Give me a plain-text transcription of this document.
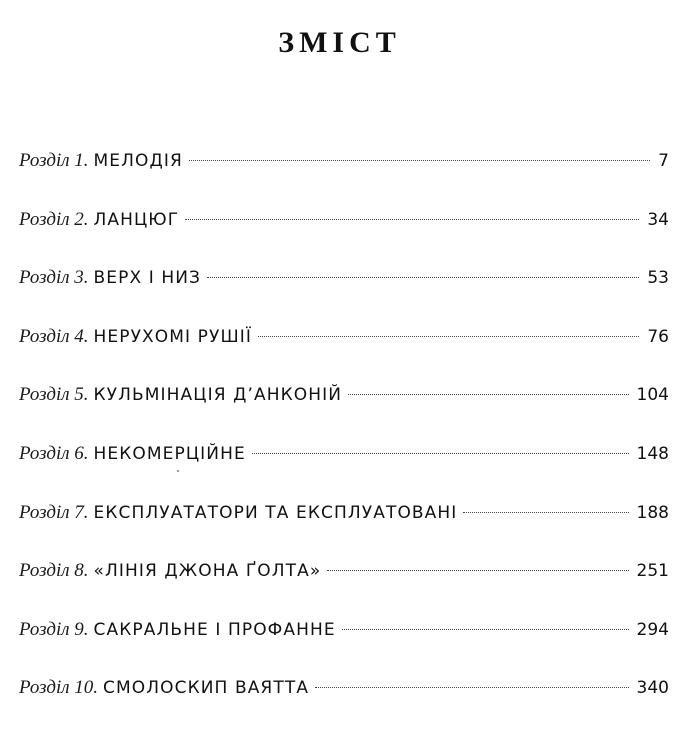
ЗМІСТ
Розділ 1. МЕЛОДІЯ	7
Розділ 2. ЛАНЦЮГ	34
Розділ 3. ВЕРХ І НИЗ	53
Розділ 4. НЕРУХОМІ РУШІЇ	76
Розділ 5. КУЛЬМІНАЦІЯ Д’АНКОНІЙ	104
Розділ 6. НЕКОМЕРЦІЙНЕ	148
Розділ 7. ЕКСПЛУАТАТОРИ ТА ЕКСПЛУАТОВАНІ	188
Розділ 8. «ЛІНІЯ ДЖОНА ҐОЛТА»	251
Розділ 9. САКРАЛЬНЕ І ПРОФАННЕ	294
Розділ 10. СМОЛОСКИП ВАЯТТА	340
